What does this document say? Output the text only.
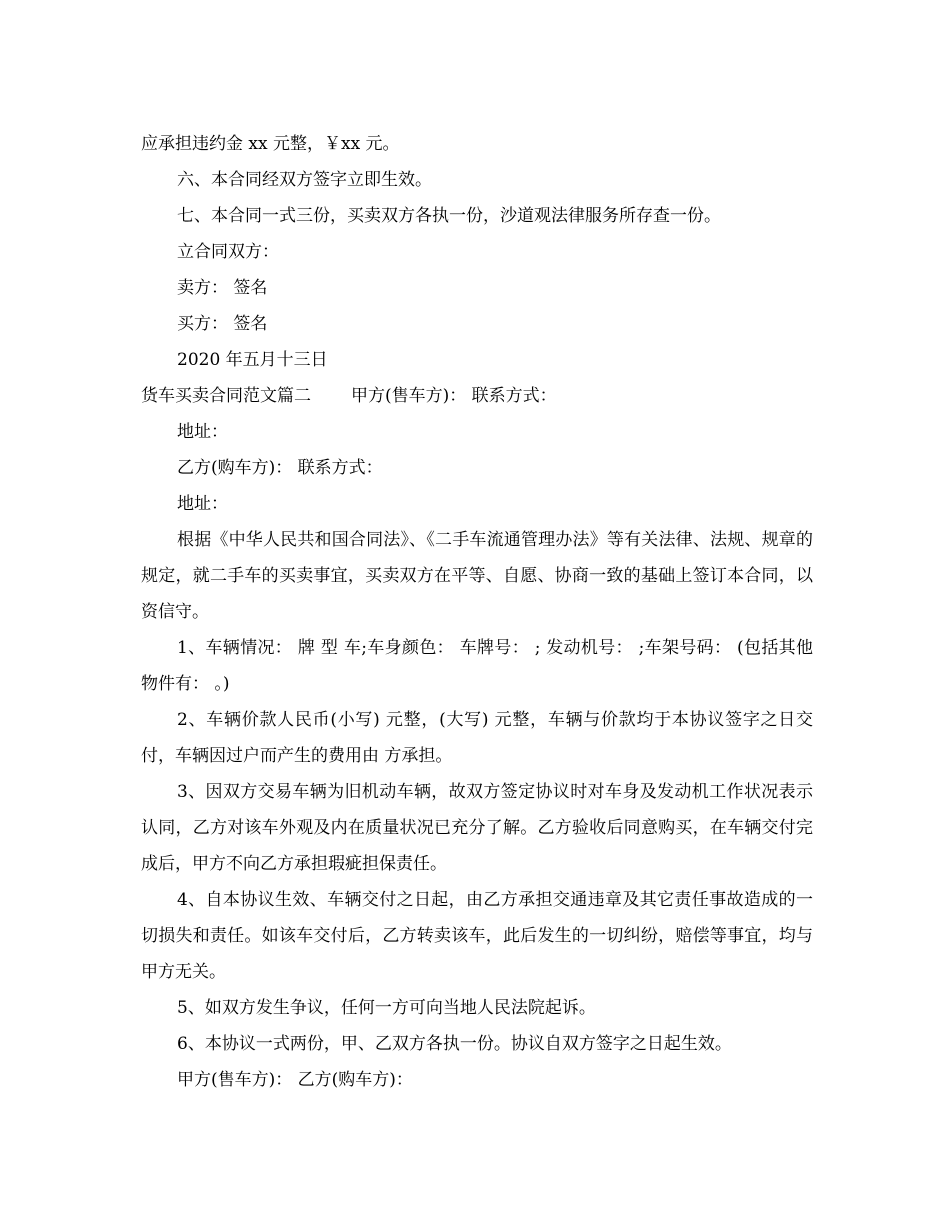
应承担违约金 xx 元整，￥xx 元。
六、本合同经双方签字立即生效。
七、本合同一式三份，买卖双方各执一份，沙道观法律服务所存查一份。
立合同双方：
卖方： 签名
买方： 签名
2020 年五月十三日
货车买卖合同范文篇二 甲方(售车方)： 联系方式：
地址：
乙方(购车方)： 联系方式：
地址：
根据《中华人民共和国合同法》、《二手车流通管理办法》等有关法律、法规、规章的规定，就二手车的买卖事宜，买卖双方在平等、自愿、协商一致的基础上签订本合同，以资信守。
1、车辆情况： 牌 型 车;车身颜色： 车牌号： ; 发动机号： ;车架号码： (包括其他物件有： 。)
2、车辆价款人民币(小写) 元整，(大写) 元整，车辆与价款均于本协议签字之日交付，车辆因过户而产生的费用由 方承担。
3、因双方交易车辆为旧机动车辆，故双方签定协议时对车身及发动机工作状况表示认同，乙方对该车外观及内在质量状况已充分了解。乙方验收后同意购买，在车辆交付完成后，甲方不向乙方承担瑕疵担保责任。
4、自本协议生效、车辆交付之日起，由乙方承担交通违章及其它责任事故造成的一切损失和责任。如该车交付后，乙方转卖该车，此后发生的一切纠纷，赔偿等事宜，均与甲方无关。
5、如双方发生争议，任何一方可向当地人民法院起诉。
6、本协议一式两份，甲、乙双方各执一份。协议自双方签字之日起生效。
甲方(售车方)： 乙方(购车方)：
